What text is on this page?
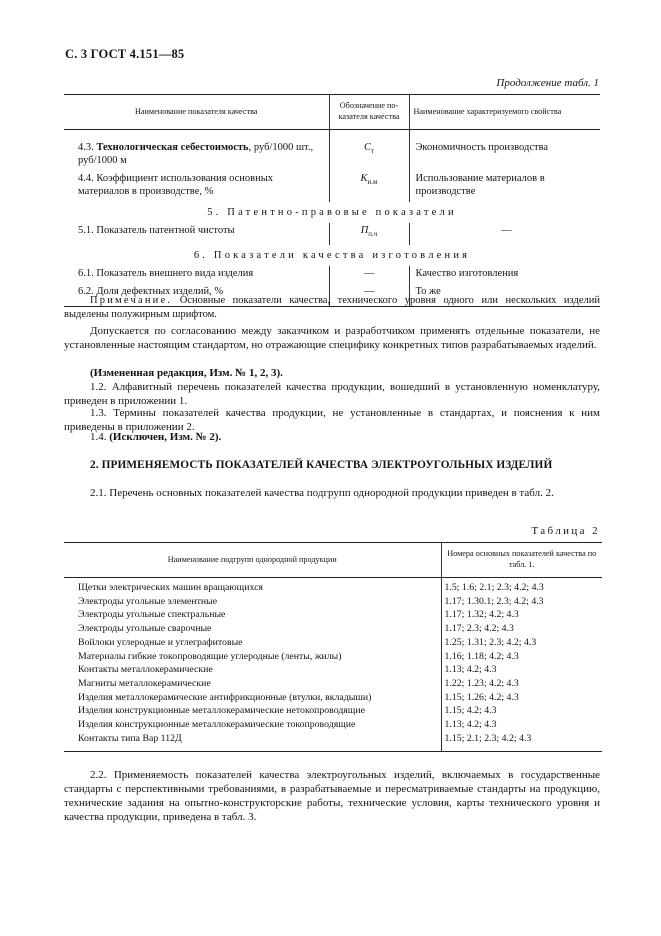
С. 3 ГОСТ 4.151—85
Продолжение табл. 1
Наименование показателя качества	Обозначение по-казателя качества	Наименование характеризуемого свойства

4.3. Технологическая себестоимость, руб/1000 шт., руб/1000 м	$С_т$	Экономичность производства
4.4. Коэффициент использования основных материалов в производстве, %	$К_{и.м}$	Использование материалов в производстве
5. Патентно-правовые показатели		
5.1. Показатель патентной чистоты	$П_{п.ч}$	—
6. Показатели качества изготовления		
6.1. Показатель внешнего вида изделия	—	Качество изготовления
6.2. Доля дефектных изделий, %	—	То же

Примечание. Основные показатели качества, технического уровня одного или нескольких изделий выделены полужирным шрифтом.

Допускается по согласованию между заказчиком и разработчиком применять отдельные показатели, не установленные настоящим стандартом, но отражающие специфику конкретных типов разрабатываемых изделий.

(Измененная редакция, Изм. № 1, 2, 3).

1.2. Алфавитный перечень показателей качества продукции, вошедший в установленную номенклатуру, приведен в приложении 1.

1.3. Термины показателей качества продукции, не установленные в стандартах, и пояснения к ним приведены в приложении 2.

1.4. (Исключен, Изм. № 2).

2. ПРИМЕНЯЕМОСТЬ ПОКАЗАТЕЛЕЙ КАЧЕСТВА ЭЛЕКТРОУГОЛЬНЫХ ИЗДЕЛИЙ

2.1. Перечень основных показателей качества подгрупп однородной продукции приведен в табл. 2.

Таблица 2
Наименование подгрупп однородной продукции	Номера основных показателей качества по табл. 1.
Щетки электрических машин вращающихся	1.5; 1.6; 2.1; 2.3; 4.2; 4.3
Электроды угольные элементные	1.17; 1.30.1; 2.3; 4.2; 4.3
Электроды угольные спектральные	1.17; 1.32; 4.2; 4.3
Электроды угольные сварочные	1.17; 2.3; 4.2; 4.3
Войлоки углеродные и углеграфитовые	1.25; 1.31; 2.3; 4.2; 4.3
Материалы гибкие токопроводящие углеродные (ленты, жилы)	1.16; 1.18; 4.2; 4.3
Контакты металлокерамические	1.13; 4.2; 4.3
Магниты металлокерамические	1.22; 1.23; 4.2; 4.3
Изделия металлокерамические антифрикционные (втулки, вкладыши)	1.15; 1.26; 4.2; 4.3
Изделия конструкционные металлокерамические нетокопроводящие	1.15; 4.2; 4.3
Изделия конструкционные металлокерамические токопроводящие	1.13; 4.2; 4.3
Контакты типа Вар 112Д	1.15; 2.1; 2.3; 4.2; 4.3

2.2. Применяемость показателей качества электроугольных изделий, включаемых в государственные стандарты с перспективными требованиями, в разрабатываемые и пересматриваемые стандарты на продукцию, технические задания на опытно-конструкторские работы, технические условия, карты технического уровня и качества продукции, приведена в табл. 3.
